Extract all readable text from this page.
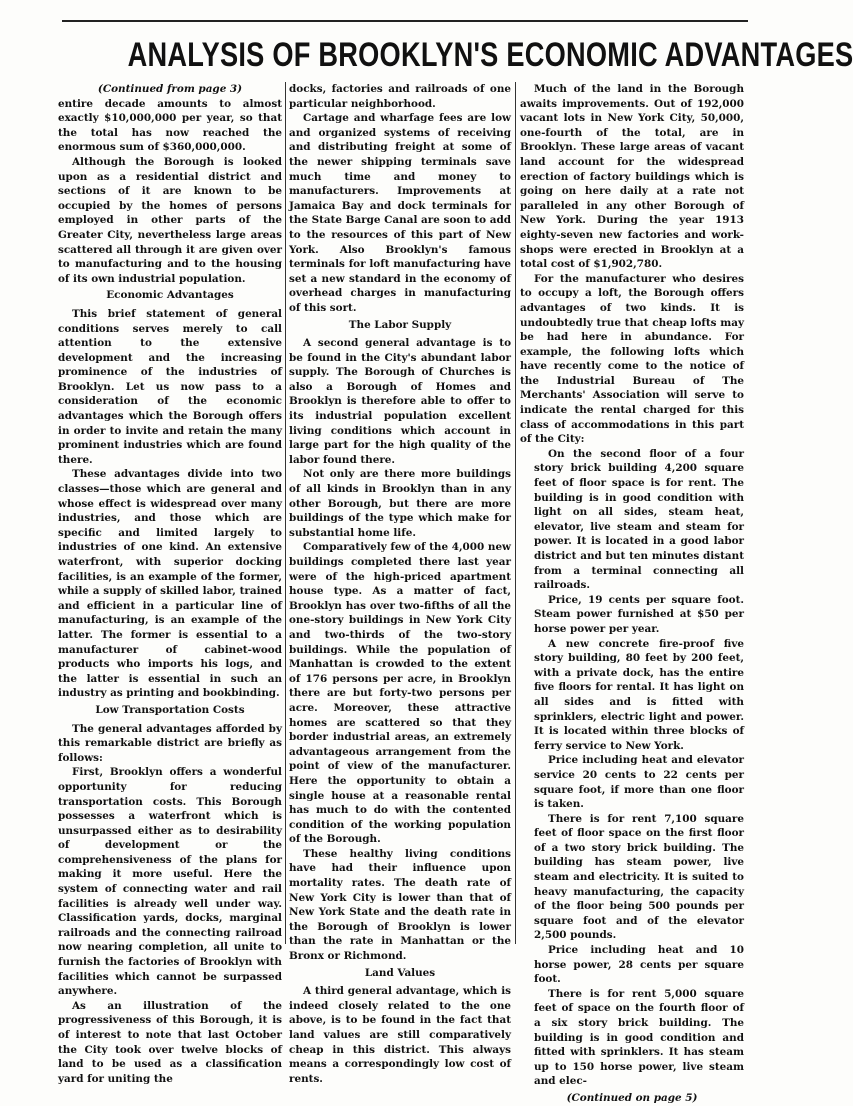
ANALYSIS OF BROOKLYN'S ECONOMIC ADVANTAGES

(Continued from page 3)

entire decade amounts to almost exactly $10,000,000 per year, so that the total has now reached the enormous sum of $360,000,000.

Although the Borough is looked upon as a residential district and sections of it are known to be occupied by the homes of persons employed in other parts of the Greater City, nevertheless large areas scattered all through it are given over to manufacturing and to the housing of its own industrial population.

Economic Advantages

This brief statement of general conditions serves merely to call attention to the extensive development and the increasing prominence of the industries of Brooklyn. Let us now pass to a consideration of the economic advantages which the Borough offers in order to invite and retain the many prominent industries which are found there.

These advantages divide into two classes—those which are general and whose effect is widespread over many industries, and those which are specific and limited largely to industries of one kind. An extensive waterfront, with superior docking facilities, is an example of the former, while a supply of skilled labor, trained and efficient in a particular line of manufacturing, is an example of the latter. The former is essential to a manufacturer of cabinet-wood products who imports his logs, and the latter is essential in such an industry as printing and bookbinding.

Low Transportation Costs

The general advantages afforded by this remarkable district are briefly as follows:

First, Brooklyn offers a wonderful opportunity for reducing transportation costs. This Borough possesses a waterfront which is unsurpassed either as to desirability of development or the comprehensiveness of the plans for making it more useful. Here the system of connecting water and rail facilities is already well under way. Classification yards, docks, marginal railroads and the connecting railroad now nearing completion, all unite to furnish the factories of Brooklyn with facilities which cannot be surpassed anywhere.

As an illustration of the progressiveness of this Borough, it is of interest to note that last October the City took over twelve blocks of land to be used as a classification yard for uniting the

docks, factories and railroads of one particular neighborhood.

Cartage and wharfage fees are low and organized systems of receiving and distributing freight at some of the newer shipping terminals save much time and money to manufacturers. Improvements at Jamaica Bay and dock terminals for the State Barge Canal are soon to add to the resources of this part of New York. Also Brooklyn's famous terminals for loft manufacturing have set a new standard in the economy of overhead charges in manufacturing of this sort.

The Labor Supply

A second general advantage is to be found in the City's abundant labor supply. The Borough of Churches is also a Borough of Homes and Brooklyn is therefore able to offer to its industrial population excellent living conditions which account in large part for the high quality of the labor found there.

Not only are there more buildings of all kinds in Brooklyn than in any other Borough, but there are more buildings of the type which make for substantial home life.

Comparatively few of the 4,000 new buildings completed there last year were of the high-priced apartment house type. As a matter of fact, Brooklyn has over two-fifths of all the one-story buildings in New York City and two-thirds of the two-story buildings. While the population of Manhattan is crowded to the extent of 176 persons per acre, in Brooklyn there are but forty-two persons per acre. Moreover, these attractive homes are scattered so that they border industrial areas, an extremely advantageous arrangement from the point of view of the manufacturer. Here the opportunity to obtain a single house at a reasonable rental has much to do with the contented condition of the working population of the Borough.

These healthy living conditions have had their influence upon mortality rates. The death rate of New York City is lower than that of New York State and the death rate in the Borough of Brooklyn is lower than the rate in Manhattan or the Bronx or Richmond.

Land Values

A third general advantage, which is indeed closely related to the one above, is to be found in the fact that land values are still comparatively cheap in this district. This always means a correspondingly low cost of rents.

Much of the land in the Borough awaits improvements. Out of 192,000 vacant lots in New York City, 50,000, one-fourth of the total, are in Brooklyn. These large areas of vacant land account for the widespread erection of factory buildings which is going on here daily at a rate not paralleled in any other Borough of New York. During the year 1913 eighty-seven new factories and work-shops were erected in Brooklyn at a total cost of $1,902,780.

For the manufacturer who desires to occupy a loft, the Borough offers advantages of two kinds. It is undoubtedly true that cheap lofts may be had here in abundance. For example, the following lofts which have recently come to the notice of the Industrial Bureau of The Merchants' Association will serve to indicate the rental charged for this class of accommodations in this part of the City:

On the second floor of a four story brick building 4,200 square feet of floor space is for rent. The building is in good condition with light on all sides, steam heat, elevator, live steam and steam for power. It is located in a good labor district and but ten minutes distant from a terminal connecting all railroads.

Price, 19 cents per square foot. Steam power furnished at $50 per horse power per year.

A new concrete fire-proof five story building, 80 feet by 200 feet, with a private dock, has the entire five floors for rental. It has light on all sides and is fitted with sprinklers, electric light and power. It is located within three blocks of ferry service to New York.

Price including heat and elevator service 20 cents to 22 cents per square foot, if more than one floor is taken.

There is for rent 7,100 square feet of floor space on the first floor of a two story brick building. The building has steam power, live steam and electricity. It is suited to heavy manufacturing, the capacity of the floor being 500 pounds per square foot and of the elevator 2,500 pounds.

Price including heat and 10 horse power, 28 cents per square foot.

There is for rent 5,000 square feet of space on the fourth floor of a six story brick building. The building is in good condition and fitted with sprinklers. It has steam up to 150 horse power, live steam and elec-

(Continued on page 5)
